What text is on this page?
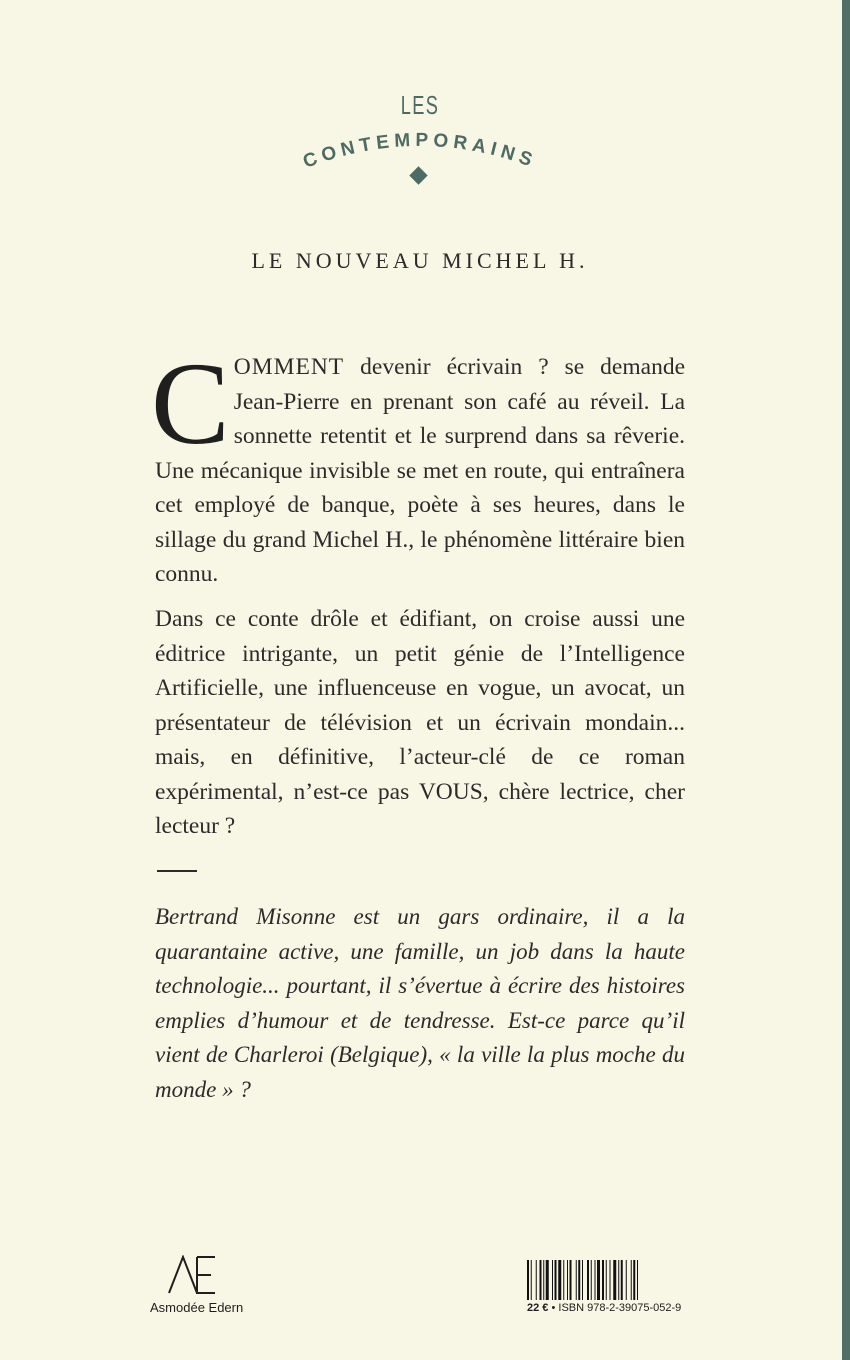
LES
CONTEMPORAINS
LE NOUVEAU MICHEL H.
COMMENT devenir écrivain ? se demande Jean-Pierre en prenant son café au réveil. La sonnette retentit et le surprend dans sa rêverie. Une mécanique invisible se met en route, qui entraînera cet employé de banque, poète à ses heures, dans le sillage du grand Michel H., le phénomène littéraire bien connu.
Dans ce conte drôle et édifiant, on croise aussi une éditrice intrigante, un petit génie de l’Intelligence Artificielle, une influenceuse en vogue, un avocat, un présentateur de télévision et un écrivain mondain... mais, en définitive, l’acteur-clé de ce roman expérimental, n’est-ce pas VOUS, chère lectrice, cher lecteur ?
Bertrand Misonne est un gars ordinaire, il a la quarantaine active, une famille, un job dans la haute technologie... pourtant, il s’évertue à écrire des histoires emplies d’humour et de tendresse. Est-ce parce qu’il vient de Charleroi (Belgique), « la ville la plus moche du monde » ?
Asmodée Edern	22 € • ISBN 978-2-39075-052-9
